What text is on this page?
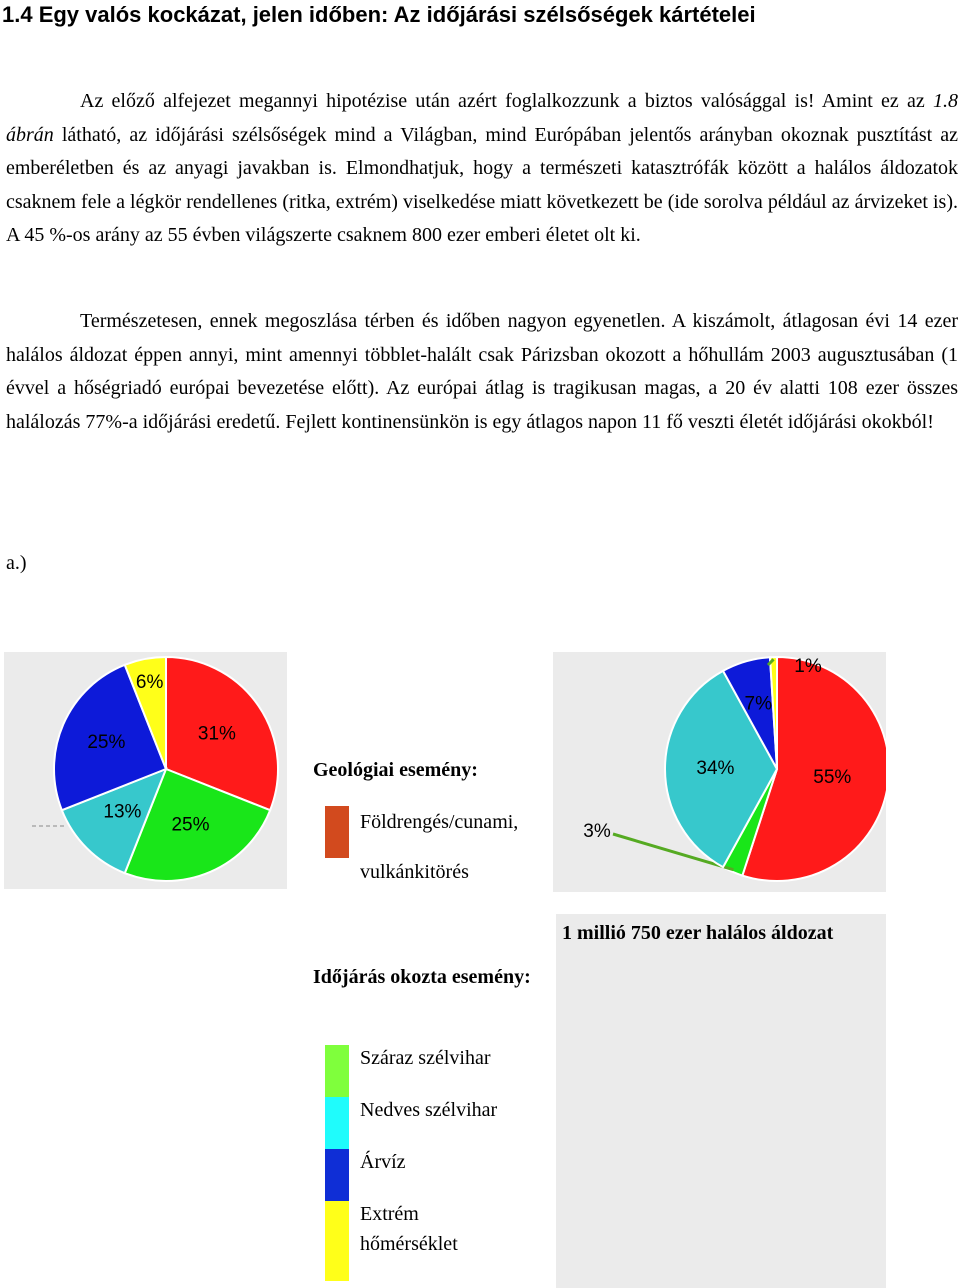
1.4 Egy valós kockázat, jelen időben: Az időjárási szélsőségek kártételei

Az előző alfejezet megannyi hipotézise után azért foglalkozzunk a biztos valósággal is! Amint ez az 1.8 ábrán látható, az időjárási szélsőségek mind a Világban, mind Európában jelentős arányban okoznak pusztítást az emberéletben és az anyagi javakban is. Elmondhatjuk, hogy a természeti katasztrófák között a halálos áldozatok csaknem fele a légkör rendellenes (ritka, extrém) viselkedése miatt következett be (ide sorolva például az árvizeket is). A 45 %-os arány az 55 évben világszerte csaknem 800 ezer emberi életet olt ki.

Természetesen, ennek megoszlása térben és időben nagyon egyenetlen. A kiszámolt, átlagosan évi 14 ezer halálos áldozat éppen annyi, mint amennyi többlet-halált csak Párizsban okozott a hőhullám 2003 augusztusában (1 évvel a hőségriadó európai bevezetése előtt). Az európai átlag is tragikusan magas, a 20 év alatti 108 ezer összes halálozás 77%-a időjárási eredetű. Fejlett kontinensünkön is egy átlagos napon 11 fő veszti életét időjárási okokból!

a.)
31%
25%
13%
25%
6%
55%
3%
34%
7%
1%
1 millió 750 ezer halálos áldozat
Geológiai esemény:
Földrengés/cunami,
vulkánkitörés
Időjárás okozta esemény:
Száraz szélvihar
Nedves szélvihar
Árvíz
Extrém hőmérséklet
